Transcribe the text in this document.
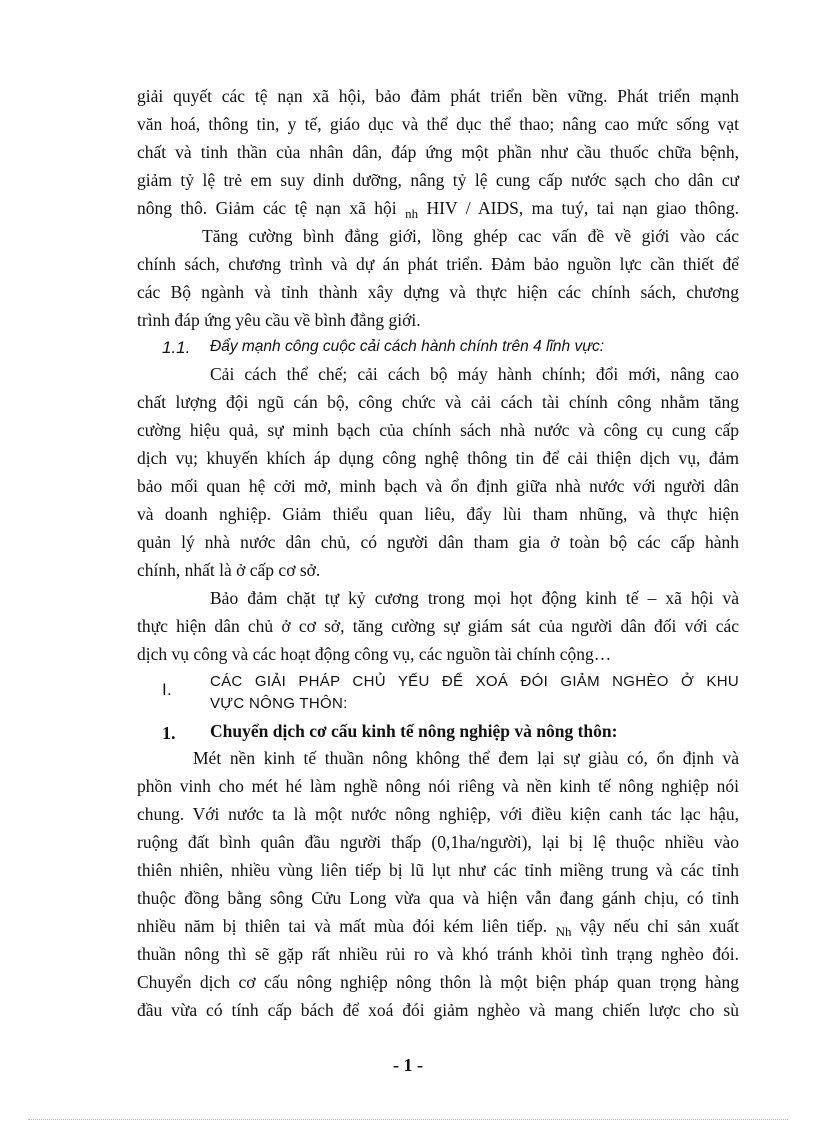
giải quyết các tệ nạn xã hội, bảo đảm phát triển bền vững. Phát triển mạnh
văn hoá, thông tin, y tế, giáo dục và thể dục thể thao; nâng cao mức sống vạt
chất và tinh thần của nhân dân, đáp ứng một phần như cầu thuốc chữa bệnh,
giảm tỷ lệ trẻ em suy dinh dưỡng, nâng tỷ lệ cung cấp nước sạch cho dân cư
nông thô. Giảm các tệ nạn xã hội $_{nh}$ HIV / AIDS, ma tuý, tai nạn giao thông.
Tăng cường bình đẳng giới, lồng ghép cac vấn đề về giới vào các
chính sách, chương trình và dự án phát triển. Đảm bảo nguồn lực cần thiết để
các Bộ ngành và tỉnh thành xây dựng và thực hiện các chính sách, chương
trình đáp ứng yêu cầu về bình đẳng giới.
1.1. Đẩy mạnh công cuộc cải cách hành chính trên 4 lĩnh vực:
Cải cách thể chế; cải cách bộ máy hành chính; đổi mới, nâng cao
chất lượng đội ngũ cán bộ, công chức và cải cách tài chính công nhằm tăng
cường hiệu quả, sự minh bạch của chính sách nhà nước và công cụ cung cấp
dịch vụ; khuyến khích áp dụng công nghệ thông tin để cải thiện dịch vụ, đảm
bảo mối quan hệ cởi mở, minh bạch và ổn định giữa nhà nước với người dân
và doanh nghiệp. Giảm thiểu quan liêu, đẩy lùi tham nhũng, và thực hiện
quản lý nhà nước dân chủ, có người dân tham gia ở toàn bộ các cấp hành
chính, nhất là ở cấp cơ sở.
Bảo đảm chặt tự kỷ cương trong mọi họt động kinh tế – xã hội và
thực hiện dân chủ ở cơ sở, tăng cường sự giám sát của người dân đối với các
dịch vụ công và các hoạt động công vụ, các nguồn tài chính cộng…
I.	CÁC GIẢI PHÁP CHỦ YẾU ĐỂ XOÁ ĐÓI GIẢM NGHÈO Ở KHU
VỰC NÔNG THÔN:
1. Chuyển dịch cơ cấu kinh tế nông nghiệp và nông thôn:
Mét nền kinh tế thuần nông không thể đem lại sự giàu có, ổn định và
phồn vinh cho mét hé làm nghề nông nói riêng và nền kinh tế nông nghiệp nói
chung. Với nước ta là một nước nông nghiệp, với điều kiện canh tác lạc hậu,
ruộng đất bình quân đầu người thấp (0,1ha/người), lại bị lệ thuộc nhiều vào
thiên nhiên, nhiều vùng liên tiếp bị lũ lụt như các tỉnh miềng trung và các tỉnh
thuộc đồng bằng sông Cửu Long vừa qua và hiện vẫn đang gánh chịu, có tỉnh
nhiều năm bị thiên tai và mất mùa đói kém liên tiếp. $_{Nh}$ vậy nếu chỉ sản xuất
thuần nông thì sẽ gặp rất nhiều rủi ro và khó tránh khỏi tình trạng nghèo đói.
Chuyển dịch cơ cấu nông nghiệp nông thôn là một biện pháp quan trọng hàng
đầu vừa có tính cấp bách để xoá đói giảm nghèo và mang chiến lược cho sù
- 1 -
